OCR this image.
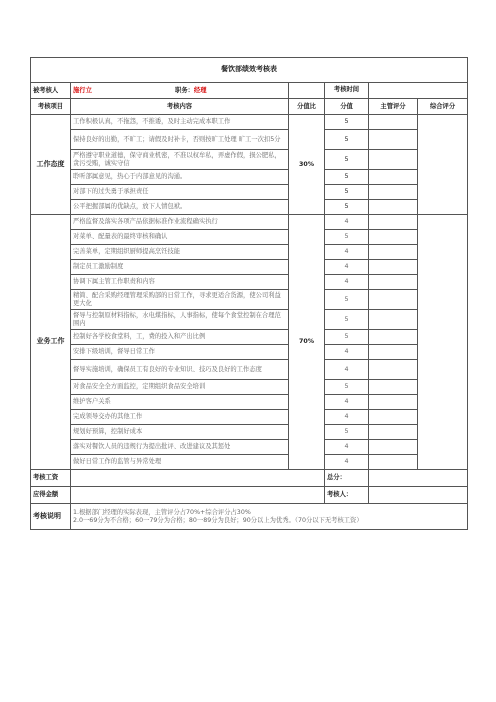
餐饮部绩效考核表					
被考核人	施行立 职务：经理		考核时间		
考核项目	考核内容	分值比	分值	主管评分	综合评分
工作态度	工作积极认真，不拖怨，不推诿，及时主动完成本职工作	30%	5		
	保持良好的出勤，不旷工；请假及时补卡，否则按旷工处理 旷工一次扣5分		5		
	严格遵守职业道德，保守商业机密，不准以权牟私，弄虚作假，损公肥私，贪污受贿，诚实守信		5		
	聆听部属意见，热心于内部意见的沟通。		5		
	对部下的过失勇于承担责任		5		
	公平把握部属的优缺点，放下人情包袱。		5		
业务工作	严格监督及落实各项产品依据标准作业流程确实执行	70%	4		
	对菜单、配量表的最终审核和确认		5		
	完善菜单，定期组织厨师提高烹饪技能		4		
	制定员工激励制度		4		
	协调下属主管工作职责和内容		4		
	精简、配合采购经理管理采购部的日常工作，寻求更适合货源，使公司利益更大化		5		
	督导与控制原材料指标，水电煤指标，人事指标，使每个食堂控制在合理范围内		5		
	控制好各学校食堂料，工，费的投入和产出比例		5		
	安排下级培训，督导日常工作		4		
	督导实施培训，确保员工有良好的专业知识、技巧及良好的工作态度		4		
	对食品安全全方面监控，定期组织食品安全培训		5		
	维护客户关系		4		
	完成领导交办的其他工作		4		
	规划好预算，控制好成本		5		
	落实对餐饮人员的违规行为提出批评、改进建议及其惩处		4		
	做好日常工作的监管与异常处理		4		
考核工资			总分：		
应得金额			考核人：		
考核说明	1.根据部门经理的实际表现，主管评分占70%+综合评分占30%
2.0一69分为不合格；60一79分为合格；80一89分为良好；90分以上为优秀。（70分以下无考核工资）				
